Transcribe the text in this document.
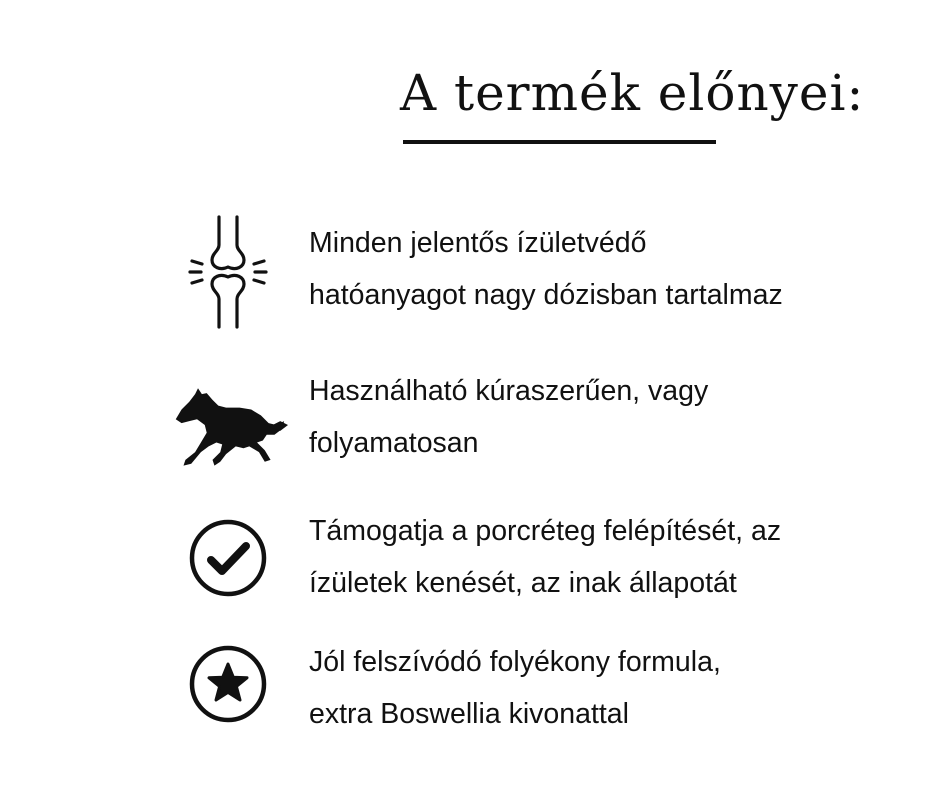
A termék előnyei:

Minden jelentős ízületvédő
hatóanyagot nagy dózisban tartalmaz

Használható kúraszerűen, vagy
folyamatosan

Támogatja a porcréteg felépítését, az
ízületek kenését, az inak állapotát

Jól felszívódó folyékony formula,
extra Boswellia kivonattal
